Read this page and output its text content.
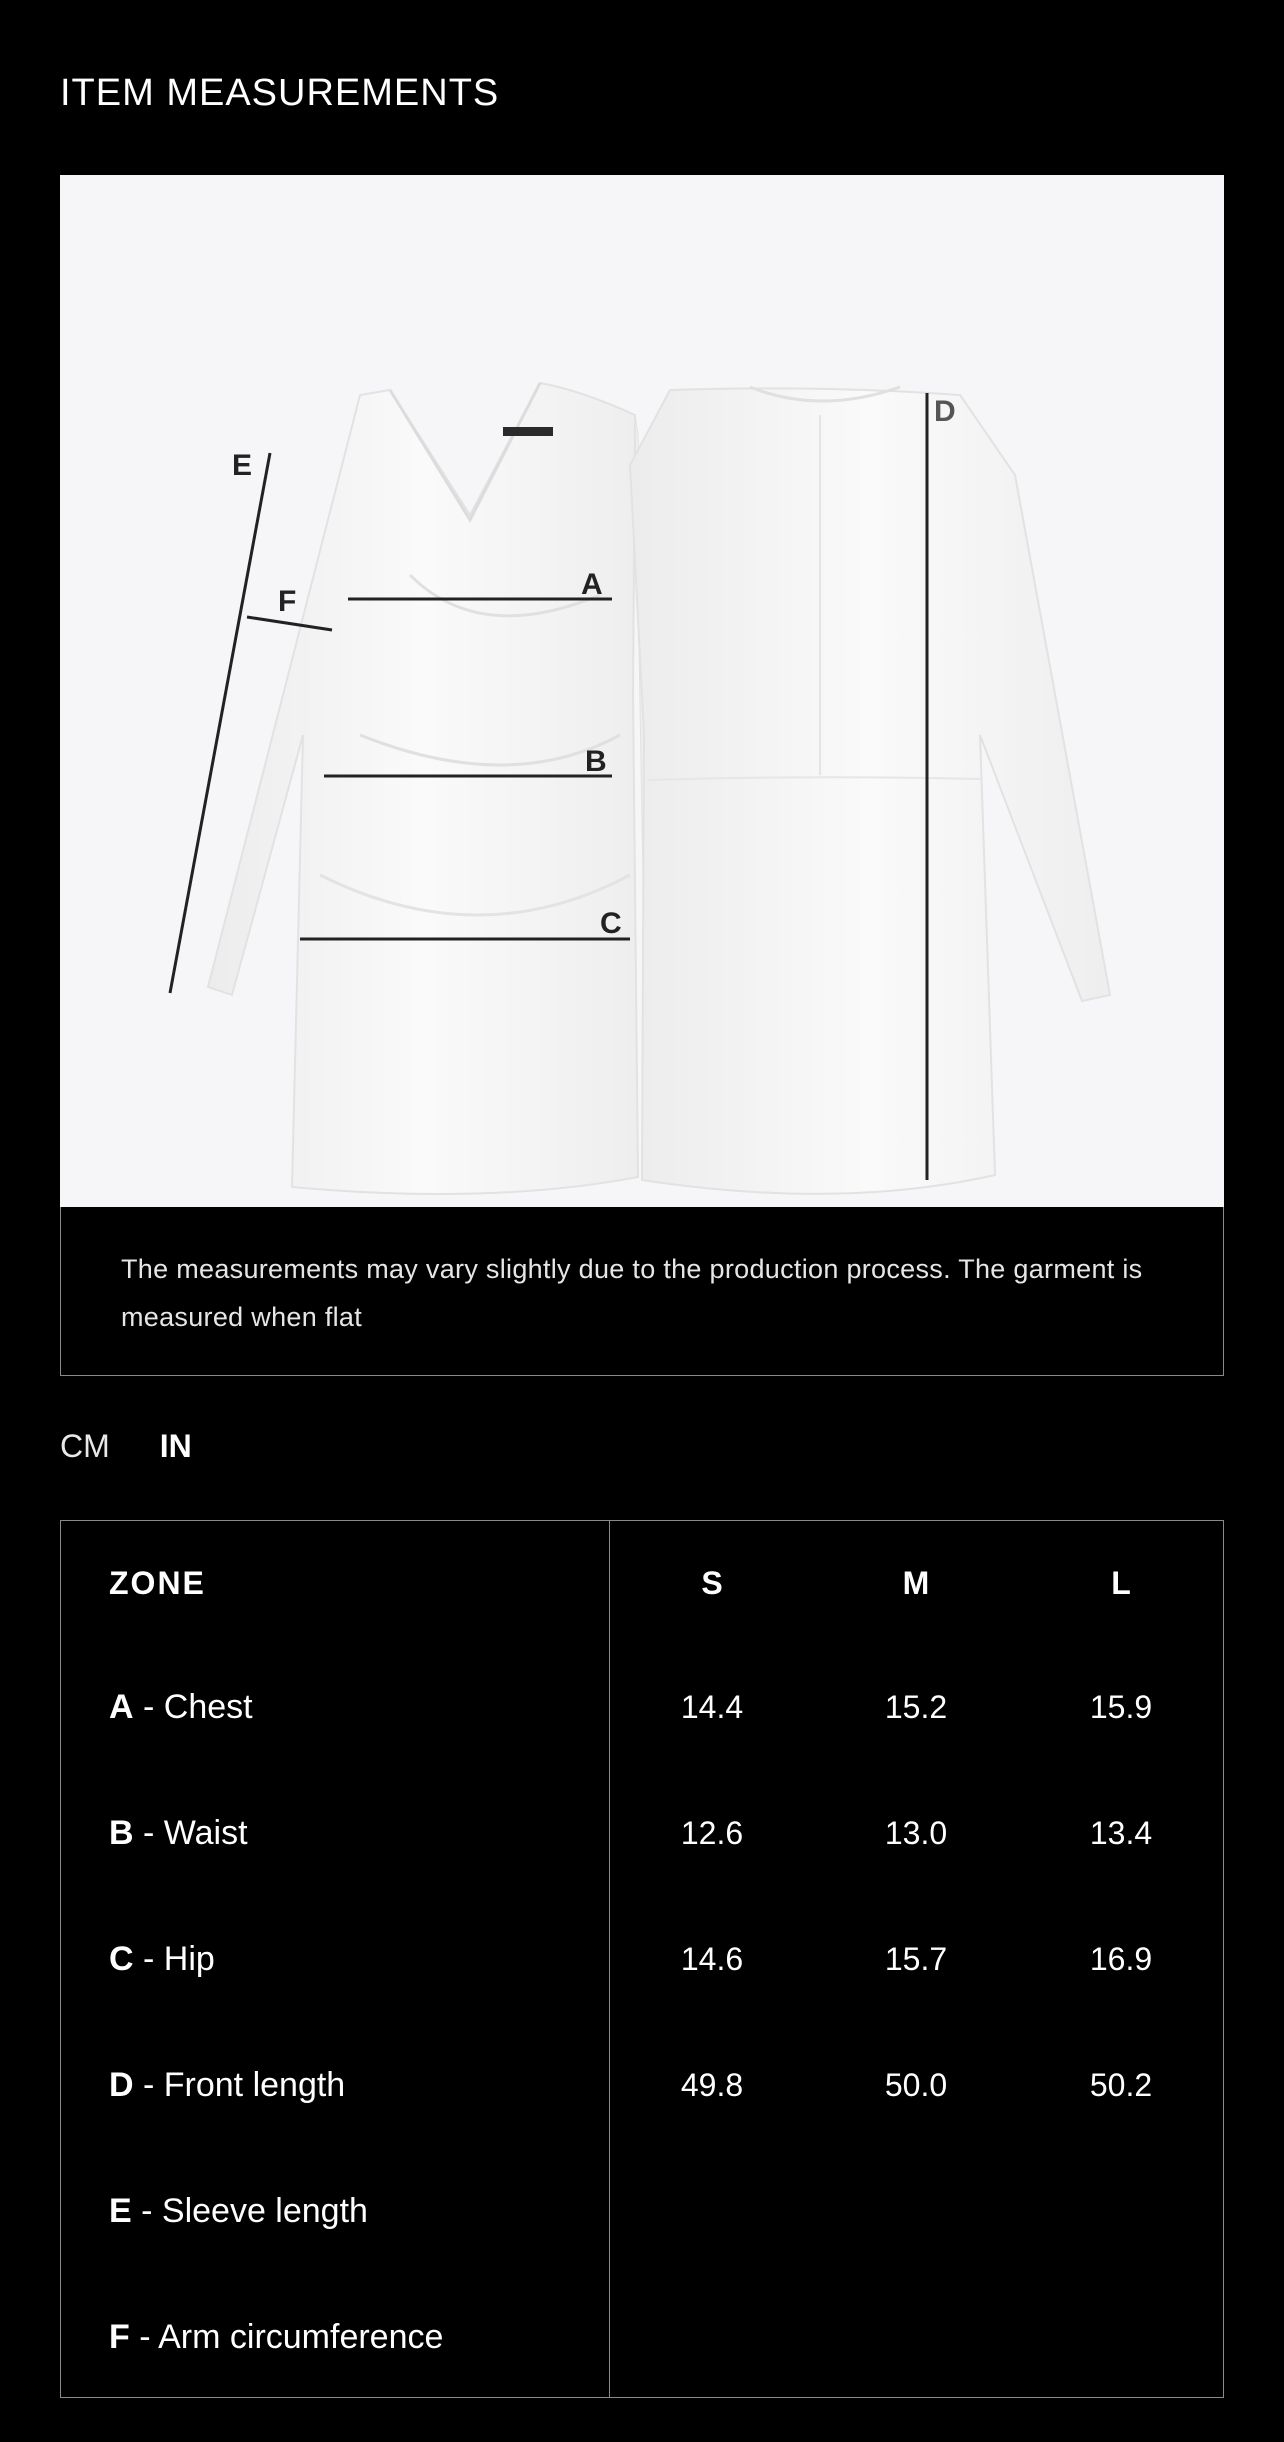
ITEM MEASUREMENTS
E
F
A
B
C
D
The measurements may vary slightly due to the production process. The garment is measured when flat
CM IN
ZONE	S	M	L
A - Chest	14.4	15.2	15.9
B - Waist	12.6	13.0	13.4
C - Hip	14.6	15.7	16.9
D - Front length	49.8	50.0	50.2
E - Sleeve length
F - Arm circumference
